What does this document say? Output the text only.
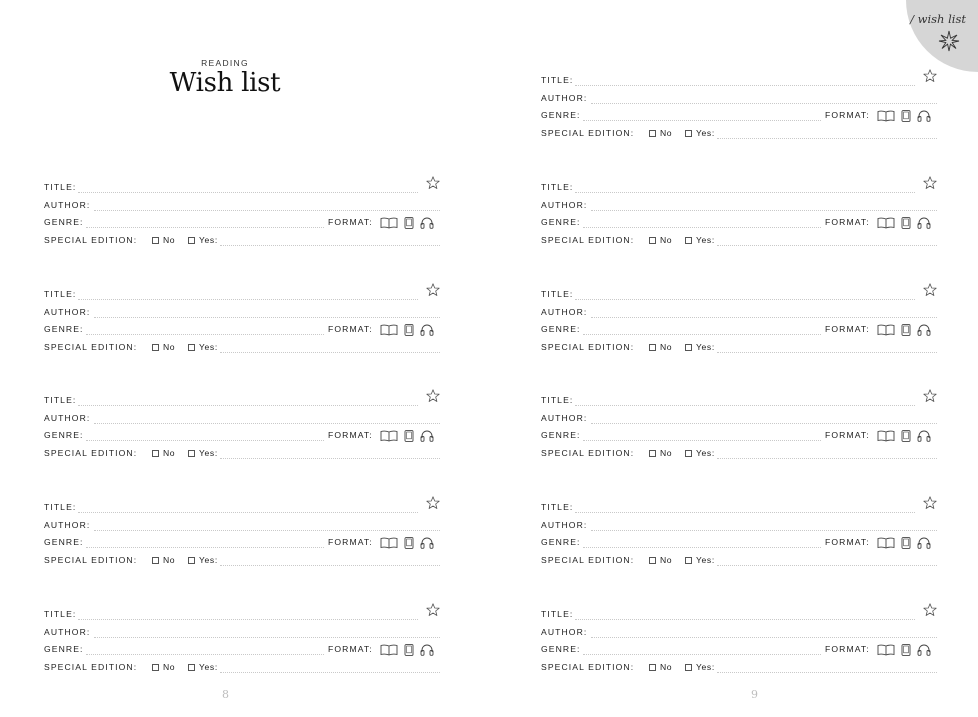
READING
Wish list
TITLE:
AUTHOR:
GENRE:	FORMAT:
SPECIAL EDITION:	No	Yes:
TITLE:
AUTHOR:
GENRE:	FORMAT:
SPECIAL EDITION:	No	Yes:
TITLE:
AUTHOR:
GENRE:	FORMAT:
SPECIAL EDITION:	No	Yes:
TITLE:
AUTHOR:
GENRE:	FORMAT:
SPECIAL EDITION:	No	Yes:
TITLE:
AUTHOR:
GENRE:	FORMAT:
SPECIAL EDITION:	No	Yes:
8
/ wish list
TITLE:
AUTHOR:
GENRE:	FORMAT:
SPECIAL EDITION:	No	Yes:
TITLE:
AUTHOR:
GENRE:	FORMAT:
SPECIAL EDITION:	No	Yes:
TITLE:
AUTHOR:
GENRE:	FORMAT:
SPECIAL EDITION:	No	Yes:
TITLE:
AUTHOR:
GENRE:	FORMAT:
SPECIAL EDITION:	No	Yes:
TITLE:
AUTHOR:
GENRE:	FORMAT:
SPECIAL EDITION:	No	Yes:
TITLE:
AUTHOR:
GENRE:	FORMAT:
SPECIAL EDITION:	No	Yes:
9
